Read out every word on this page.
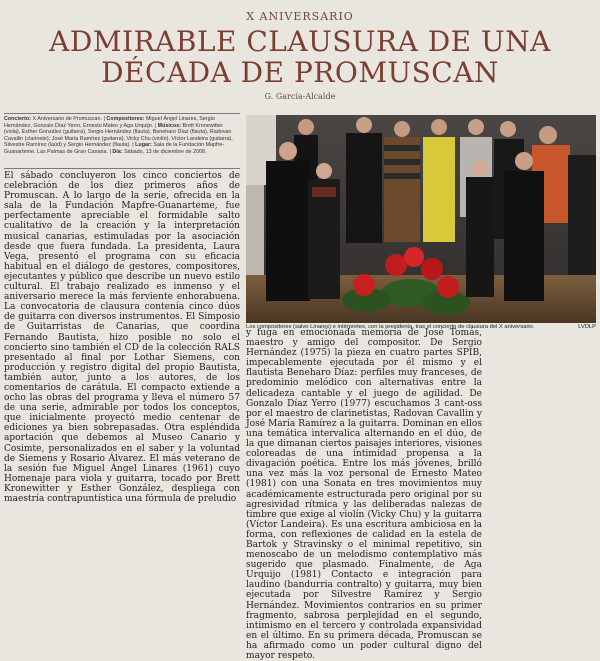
X ANIVERSARIO
ADMIRABLE CLAUSURA DE UNA
DÉCADA DE PROMUSCAN
G. García-Alcalde
Concierto: X Aniversario de Promuscan. | Compositores: Miguel Ángel Linares, Sergio Hernández, Gonzalo Díaz Yerro, Ernesto Mateo y Aga Urquijo. | Músicos: Brett Kronewitter (viola), Esther González (guitarra), Sergio Hernández (flauta), Beneharo Díaz (flauta), Radovan Cavallin (clarinete), José María Ramírez (guitarra), Vicky Chu (violín), Víctor Landeira (guitarra), Silvestre Ramírez (laúd) y Sergio Hernández (flauta). | Lugar: Sala de la Fundación Mapfre-Guanarteme. Las Palmas de Gran Canaria. | Día: Sábado, 13 de diciembre de 2008.

El sábado concluyeron los cinco conciertos de celebración de los diez primeros años de Promuscan. A lo largo de la serie, ofrecida en la sala de la Fundación Mapfre-Guanarteme, fue perfectamente apreciable el formidable salto cualitativo de la creación y la interpretación musical canarias, estimuladas por la asociación desde que fuera fundada. La presidenta, Laura Vega, presentó el programa con su eficacia habitual en el diálogo de gestores, compositores, ejecutantes y público que describe un nuevo estilo cultural. El trabajo realizado es inmenso y el aniversario merece la más ferviente enhorabuena. La convocatoria de clausura contenía cinco dúos de guitarra con diversos instrumentos. El Simposio de Guitarristas de Canarias, que coordina Fernando Bautista, hizo posible no solo el concierto sino también el CD de la colección RALS presentado al final por Lothar Siemens, con producción y registro digital del propio Bautista, también autor, junto a los autores, de los comentarios de carátula. El compacto extiende a ocho las obras del programa y lleva el número 57 de una serie, admirable por todos los conceptos, que inicialmente proyectó medio centenar de ediciones ya bien sobrepasadas. Otra espléndida aportación que debemos al Museo Canario y Cosimte, personalizados en el saber y la voluntad de Siemens y Rosario Álvarez. El más veterano de la sesión fue Miguel Ángel Linares (1961) cuyo Homenaje para viola y guitarra, tocado por Brett Kronewitter y Esther González, despliega con maestría contrapuntística una fórmula de preludio

Los compositores (salvo Linares) e intérpretes, con la presidenta, tras el concierto de clausura del X aniversario.	LVDLP

y fuga en emocionada memoria de José Tomás, maestro y amigo del compositor. De Sergio Hernández (1975) la pieza en cuatro partes SPIB, impecablemente ejecutada por él mismo y el flautista Beneharo Díaz: perfiles muy franceses, de predominio melódico con alternativas entre la delicadeza cantable y el juego de agilidad. De Gonzalo Díaz Yerro (1977) escuchamos 3 cant-oss por el maestro de clarinetistas, Radovan Cavallin y José María Ramírez a la guitarra. Dominan en ellos una temática intervalica alternando en el dúo, de la que dimanan ciertos paisajes interiores, visiones coloreadas de una intimidad propensa a la divagación poética. Entre los más jóvenes, brilló una vez más la voz personal de Ernesto Mateo (1981) con una Sonata en tres movimientos muy académicamente estructurada pero original por su agresividad rítmica y las deliberadas nalezas de timbre que exige al violín (Vicky Chu) y la guitarra (Víctor Landeira). Es una escritura ambiciosa en la forma, con reflexiones de calidad en la estela de Bartok y Stravinsky o el minimal repetitivo, sin menoscabo de un melodismo contemplativo más sugerido que plasmado. Finalmente, de Aga Urquijo (1981) Contacto e integración para laudino (bandurria contralto) y guitarra, muy bien ejecutada por Silvestre Ramírez y Sergio Hernández. Movimientos contrarios en su primer fragmento, sabrosa perplejidad en el segundo, intimismo en el tercero y controlada expansividad en el último. En su primera década, Promuscan se ha afirmado como un poder cultural digno del mayor respeto.
